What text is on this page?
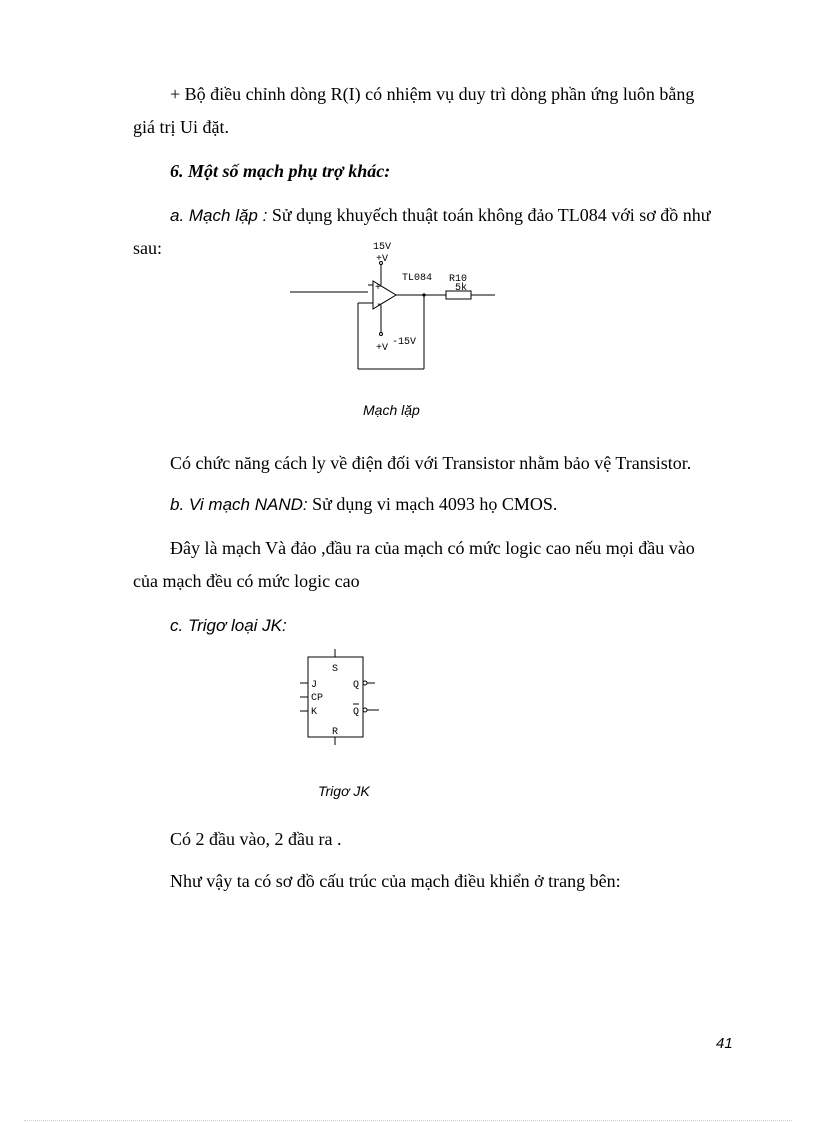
+ Bộ điều chỉnh dòng R(I) có nhiệm vụ duy trì dòng phần ứng luôn bằng
giá trị Ui đặt.
6. Một số mạch phụ trợ khác:
a. Mạch lặp : Sử dụng khuyếch thuật toán không đảo TL084 với sơ đồ như
sau:
+
-
15V
+V
+V
-15V
TL084 R10
5k
Mạch lặp
Có chức năng cách ly về điện đối với Transistor nhằm bảo vệ Transistor.
b. Vi mạch NAND: Sử dụng vi mạch 4093 họ CMOS.
Đây là mạch Và đảo ,đầu ra của mạch có mức logic cao nếu mọi đầu vào
của mạch đều có mức logic cao
c. Trigơ loại JK:
S
J
CP
K
Q
Q
R
Trigơ JK
Có 2 đầu vào, 2 đầu ra .
Như vậy ta có sơ đồ cấu trúc của mạch điều khiển ở trang bên:
41
